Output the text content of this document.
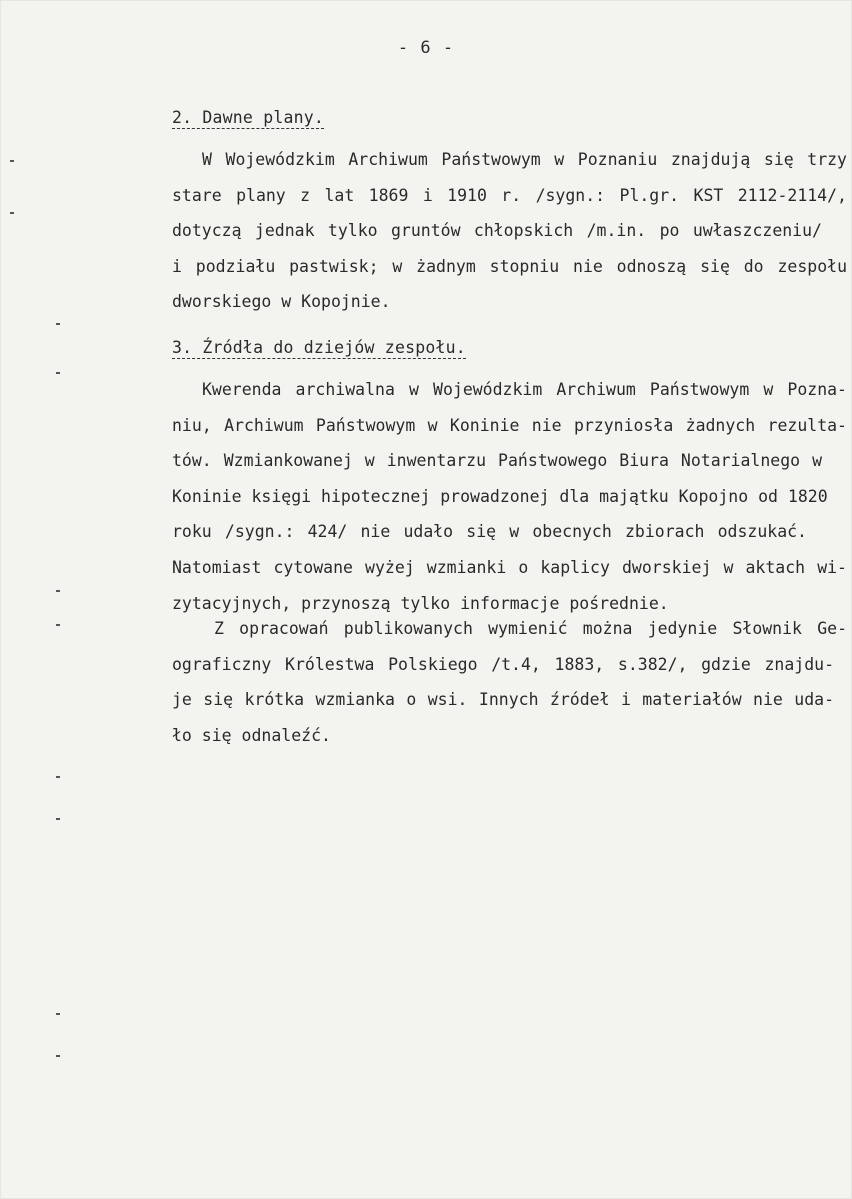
- 6 -
2. Dawne plany.
W Wojewódzkim Archiwum Państwowym w Poznaniu znajdują się trzy
stare plany z lat 1869 i 1910 r. /sygn.: Pl.gr. KST 2112-2114/,
dotyczą jednak tylko gruntów chłopskich /m.in. po uwłaszczeniu/
i podziału pastwisk; w żadnym stopniu nie odnoszą się do zespołu
dworskiego w Kopojnie.
3. Źródła do dziejów zespołu.
Kwerenda archiwalna w Wojewódzkim Archiwum Państwowym w Pozna-
niu, Archiwum Państwowym w Koninie nie przyniosła żadnych rezulta-
tów. Wzmiankowanej w inwentarzu Państwowego Biura Notarialnego w
Koninie księgi hipotecznej prowadzonej dla majątku Kopojno od 1820
roku /sygn.: 424/ nie udało się w obecnych zbiorach odszukać.
Natomiast cytowane wyżej wzmianki o kaplicy dworskiej w aktach wi-
zytacyjnych, przynoszą tylko informacje pośrednie.
Z opracowań publikowanych wymienić można jedynie Słownik Ge-
ograficzny Królestwa Polskiego /t.4, 1883, s.382/, gdzie znajdu-
je się krótka wzmianka o wsi. Innych źródeł i materiałów nie uda-
ło się odnaleźć.
